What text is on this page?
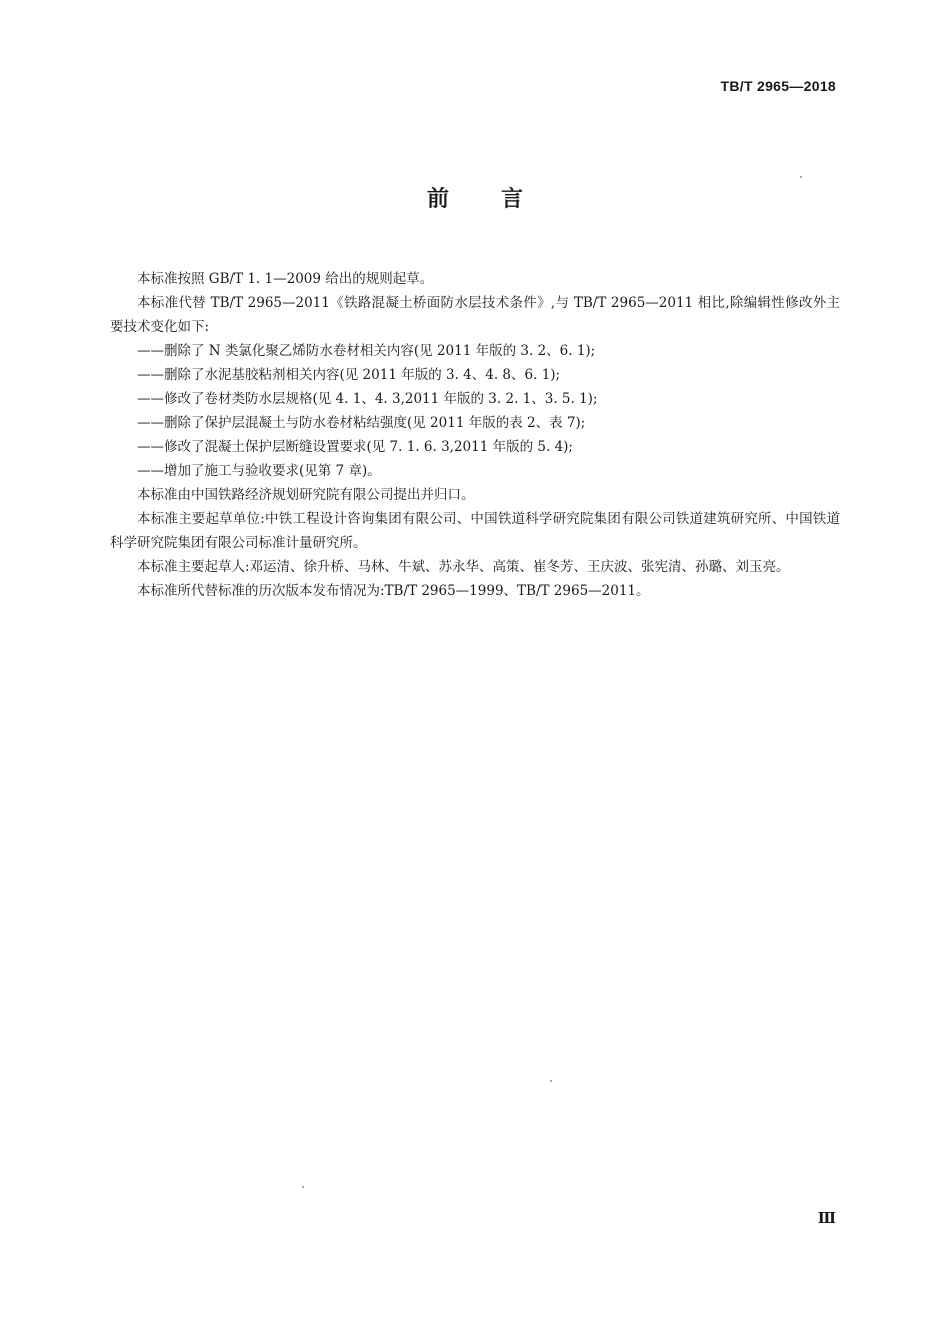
TB/T 2965—2018
前言

本标准按照 GB/T 1. 1—2009 给出的规则起草。

本标准代替 TB/T 2965—2011《铁路混凝土桥面防水层技术条件》,与 TB/T 2965—2011 相比,除编辑性修改外主要技术变化如下:

——删除了 N 类氯化聚乙烯防水卷材相关内容(见 2011 年版的 3. 2、6. 1);

——删除了水泥基胶粘剂相关内容(见 2011 年版的 3. 4、4. 8、6. 1);

——修改了卷材类防水层规格(见 4. 1、4. 3,2011 年版的 3. 2. 1、3. 5. 1);

——删除了保护层混凝土与防水卷材粘结强度(见 2011 年版的表 2、表 7);

——修改了混凝土保护层断缝设置要求(见 7. 1. 6. 3,2011 年版的 5. 4);

——增加了施工与验收要求(见第 7 章)。

本标准由中国铁路经济规划研究院有限公司提出并归口。

本标准主要起草单位:中铁工程设计咨询集团有限公司、中国铁道科学研究院集团有限公司铁道建筑研究所、中国铁道科学研究院集团有限公司标准计量研究所。

本标准主要起草人:邓运清、徐升桥、马林、牛斌、苏永华、高策、崔冬芳、王庆波、张宪清、孙璐、刘玉亮。

本标准所代替标准的历次版本发布情况为:TB/T 2965—1999、TB/T 2965—2011。

Ⅲ
